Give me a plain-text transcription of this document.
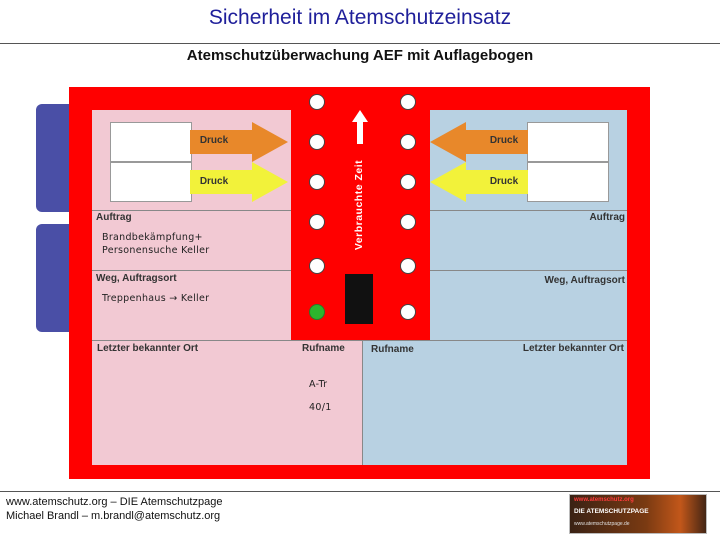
Sicherheit im Atemschutzeinsatz
Atemschutzüberwachung AEF mit Auflagebogen
Druck
Druck
Druck
Druck
Auftrag
Brandbekämpfung+
Personensuche Keller
Weg, Auftragsort
Treppenhaus → Keller
Letzter bekannter Ort	Rufname
A-Tr
40/1
Auftrag
Weg, Auftragsort
Rufname	Letzter bekannter Ort
Verbrauchte Zeit
www.atemschutz.org – DIE Atemschutzpage
Michael Brandl – m.brandl@atemschutz.org
www.atemschutz.org
DIE ATEMSCHUTZPAGE
www.atemschutzpage.de
